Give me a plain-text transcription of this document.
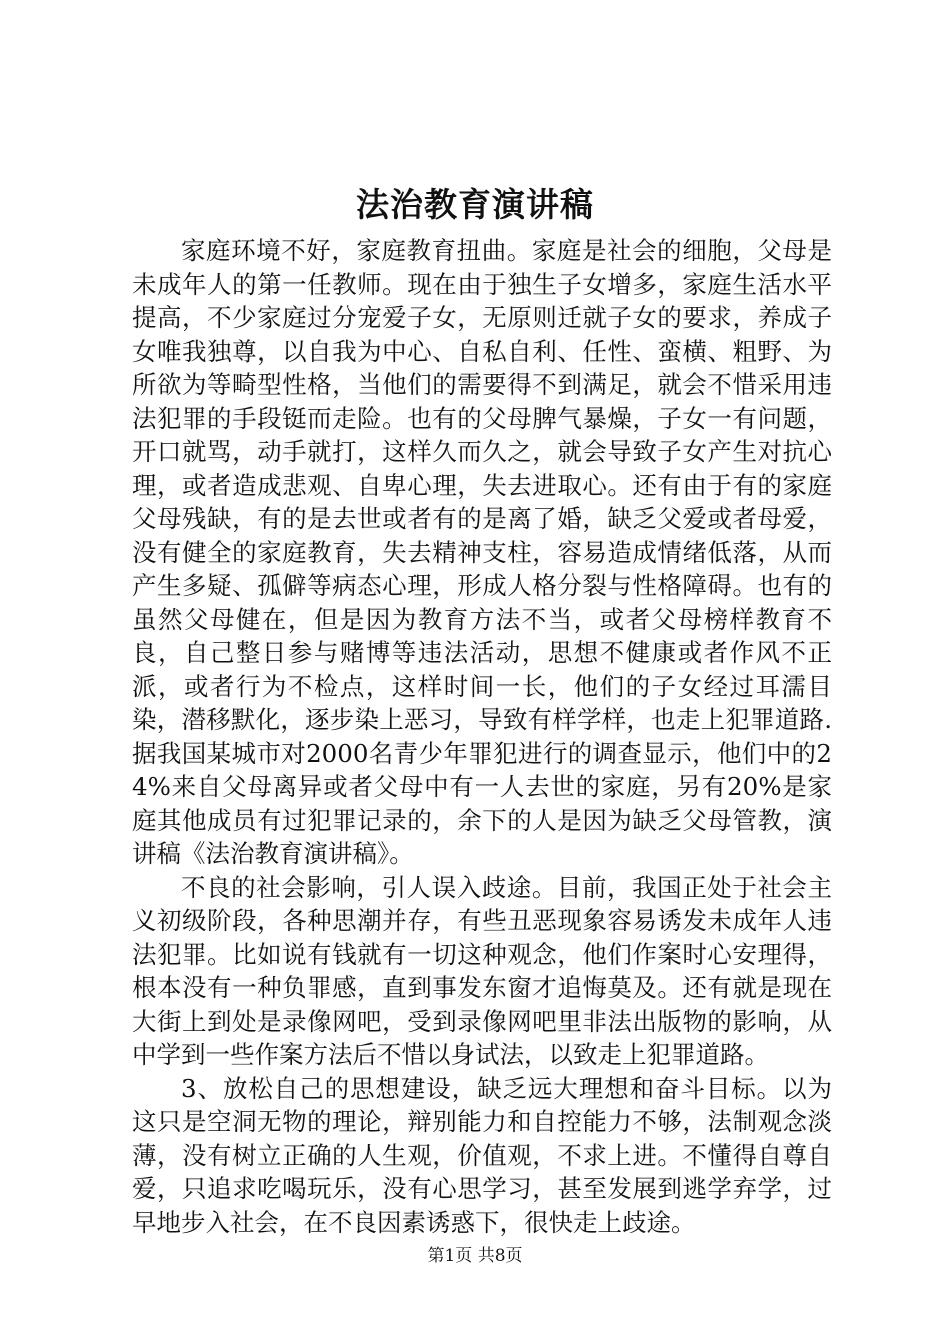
法治教育演讲稿

家庭环境不好，家庭教育扭曲。家庭是社会的细胞，父母是未成年人的第一任教师。现在由于独生子女增多，家庭生活水平提高，不少家庭过分宠爱子女，无原则迁就子女的要求，养成子女唯我独尊，以自我为中心、自私自利、任性、蛮横、粗野、为所欲为等畸型性格，当他们的需要得不到满足，就会不惜采用违法犯罪的手段铤而走险。也有的父母脾气暴燥，子女一有问题，开口就骂，动手就打，这样久而久之，就会导致子女产生对抗心理，或者造成悲观、自卑心理，失去进取心。还有由于有的家庭父母残缺，有的是去世或者有的是离了婚，缺乏父爱或者母爱，没有健全的家庭教育，失去精神支柱，容易造成情绪低落，从而产生多疑、孤僻等病态心理，形成人格分裂与性格障碍。也有的虽然父母健在，但是因为教育方法不当，或者父母榜样教育不良，自己整日参与赌博等违法活动，思想不健康或者作风不正派，或者行为不检点，这样时间一长，他们的子女经过耳濡目染，潜移默化，逐步染上恶习，导致有样学样，也走上犯罪道路.据我国某城市对2000名青少年罪犯进行的调查显示，他们中的24%来自父母离异或者父母中有一人去世的家庭，另有20%是家庭其他成员有过犯罪记录的，余下的人是因为缺乏父母管教，演讲稿《法治教育演讲稿》。

不良的社会影响，引人误入歧途。目前，我国正处于社会主义初级阶段，各种思潮并存，有些丑恶现象容易诱发未成年人违法犯罪。比如说有钱就有一切这种观念，他们作案时心安理得，根本没有一种负罪感，直到事发东窗才追悔莫及。还有就是现在大街上到处是录像网吧，受到录像网吧里非法出版物的影响，从中学到一些作案方法后不惜以身试法，以致走上犯罪道路。

3、放松自己的思想建设，缺乏远大理想和奋斗目标。以为这只是空洞无物的理论，辩别能力和自控能力不够，法制观念淡薄，没有树立正确的人生观，价值观，不求上进。不懂得自尊自爱，只追求吃喝玩乐，没有心思学习，甚至发展到逃学弃学，过早地步入社会，在不良因素诱惑下，很快走上歧途。

第1页 共8页
